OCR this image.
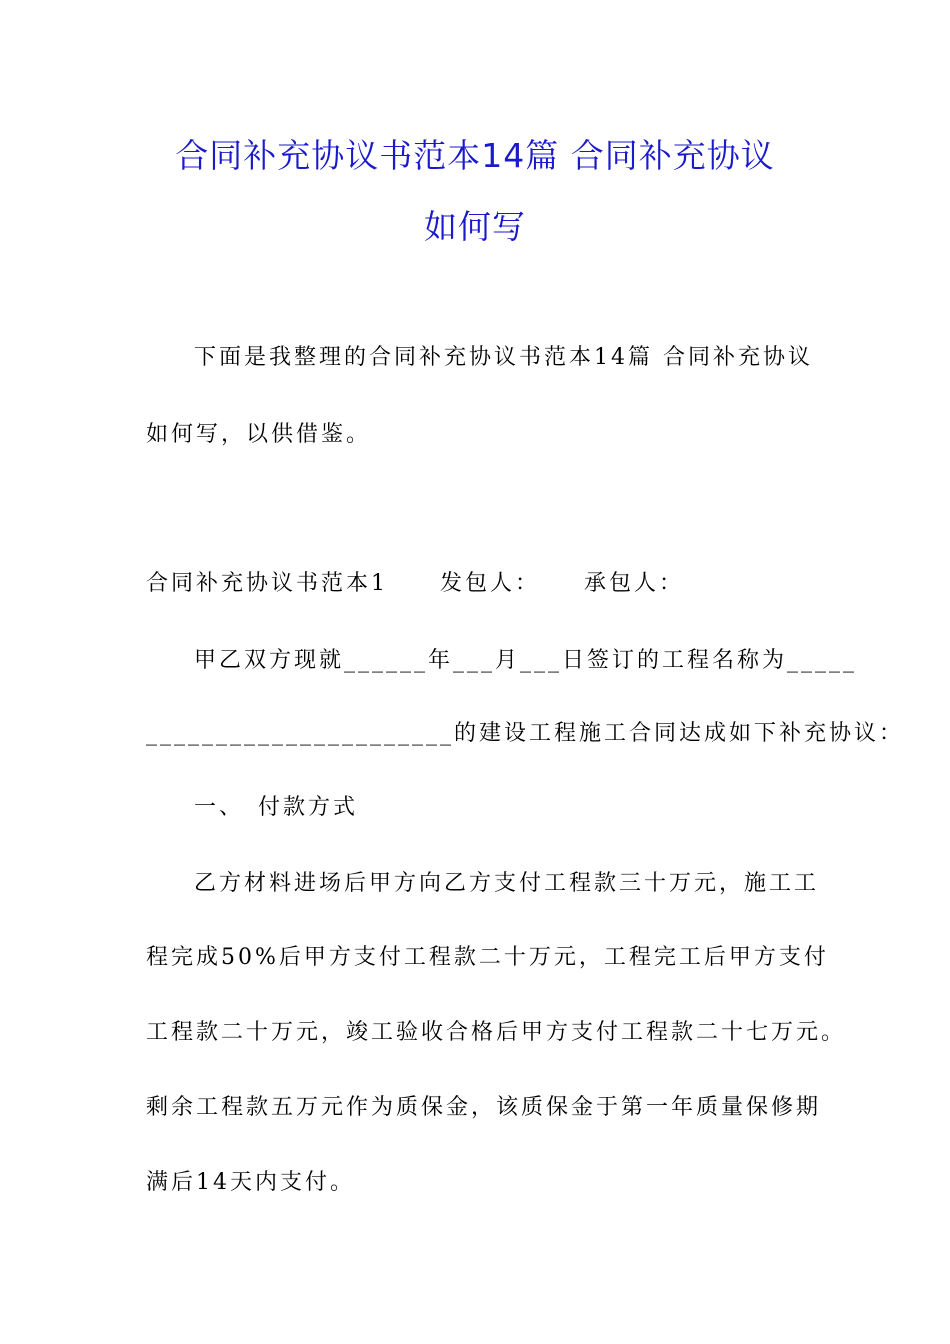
合同补充协议书范本14篇 合同补充协议
如何写
下面是我整理的合同补充协议书范本14篇 合同补充协议
如何写，以供借鉴。
合同补充协议书范本1 发包人： 承包人：
甲乙双方现就______年___月___日签订的工程名称为_____
______________________的建设工程施工合同达成如下补充协议：
一、 付款方式
乙方材料进场后甲方向乙方支付工程款三十万元，施工工
程完成50%后甲方支付工程款二十万元，工程完工后甲方支付
工程款二十万元，竣工验收合格后甲方支付工程款二十七万元。
剩余工程款五万元作为质保金，该质保金于第一年质量保修期
满后14天内支付。
